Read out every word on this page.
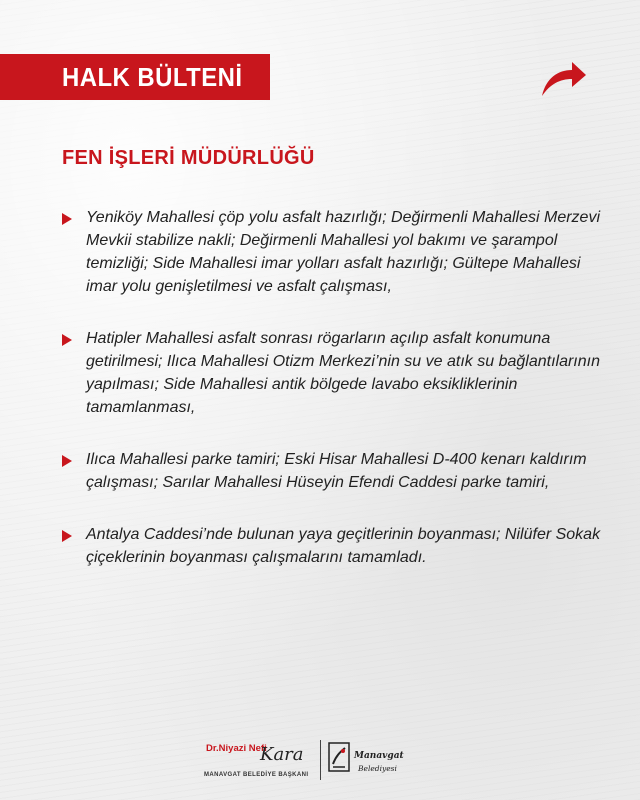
HALK BÜLTENİ
FEN İŞLERİ MÜDÜRLÜĞÜ
Yeniköy Mahallesi çöp yolu asfalt hazırlığı; Değirmenli Mahallesi Merzevi Mevkii stabilize nakli; Değirmenli Mahallesi yol bakımı ve şarampol temizliği; Side Mahallesi imar yolları asfalt hazırlığı; Gültepe Mahallesi imar yolu genişletilmesi ve asfalt çalışması,
Hatipler Mahallesi asfalt sonrası rögarların açılıp asfalt konumuna getirilmesi; Ilıca Mahallesi Otizm Merkezi’nin su ve atık su bağlantılarının yapılması; Side Mahallesi antik bölgede lavabo eksikliklerinin tamamlanması,
Ilıca Mahallesi parke tamiri; Eski Hisar Mahallesi D-400 kenarı kaldırım çalışması; Sarılar Mahallesi Hüseyin Efendi Caddesi parke tamiri,
Antalya Caddesi’nde bulunan yaya geçitlerinin boyanması; Nilüfer Sokak çiçeklerinin boyanması çalışmalarını tamamladı.
Dr.Niyazi Nefi
Kara
MANAVGAT BELEDİYE BAŞKANI
Manavgat
Belediyesi
